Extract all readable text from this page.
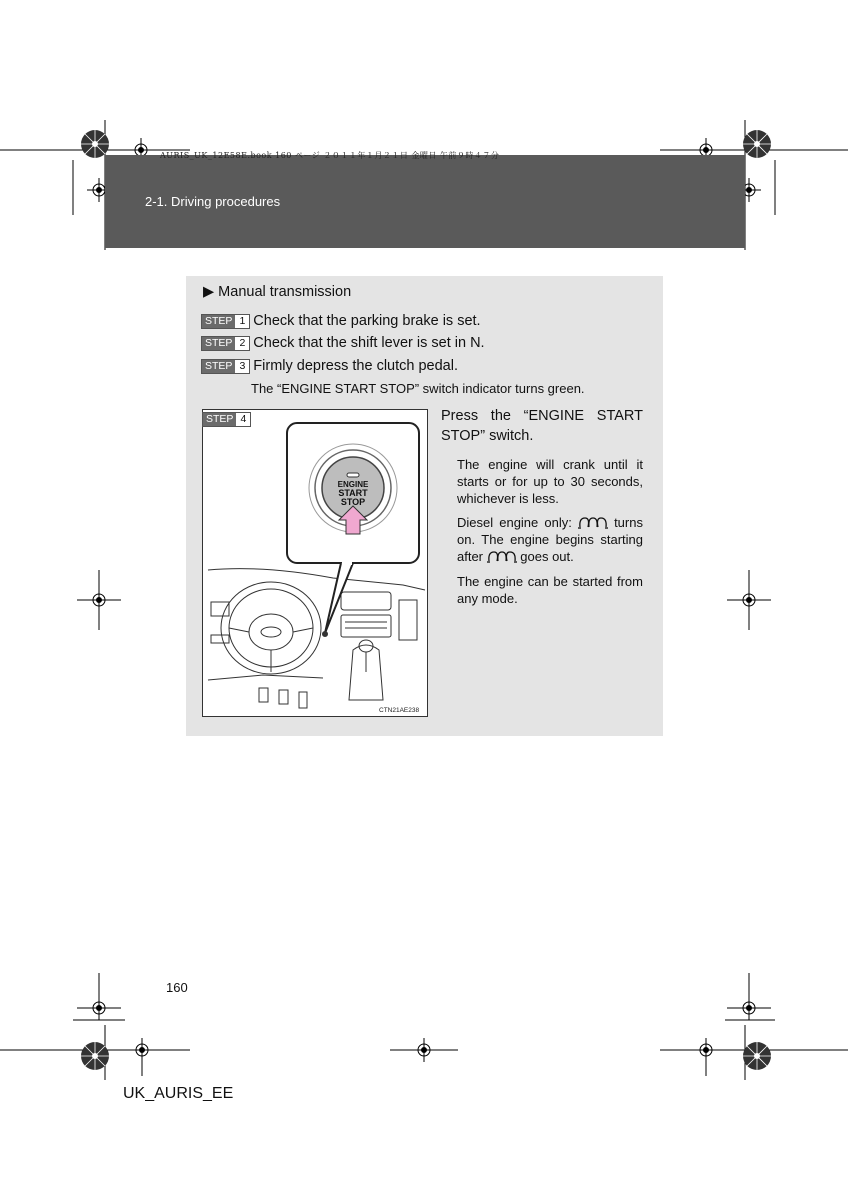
AURIS_UK_12E58E.book 160 ページ ２０１１年１月２１日 金曜日 午前９時４７分
2-1. Driving procedures
▶ Manual transmission
STEP 1 Check that the parking brake is set.
STEP 2 Check that the shift lever is set in N.
STEP 3 Firmly depress the clutch pedal.
The “ENGINE START STOP” switch indicator turns green.
STEP 4
ENGINE
START
STOP
CTN21AE238
Press the “ENGINE START STOP” switch.
The engine will crank until it starts or for up to 30 seconds, whichever is less.
Diesel engine only:	turns on. The engine begins starting after	goes out.
The engine can be started from any mode.
160
UK_AURIS_EE
